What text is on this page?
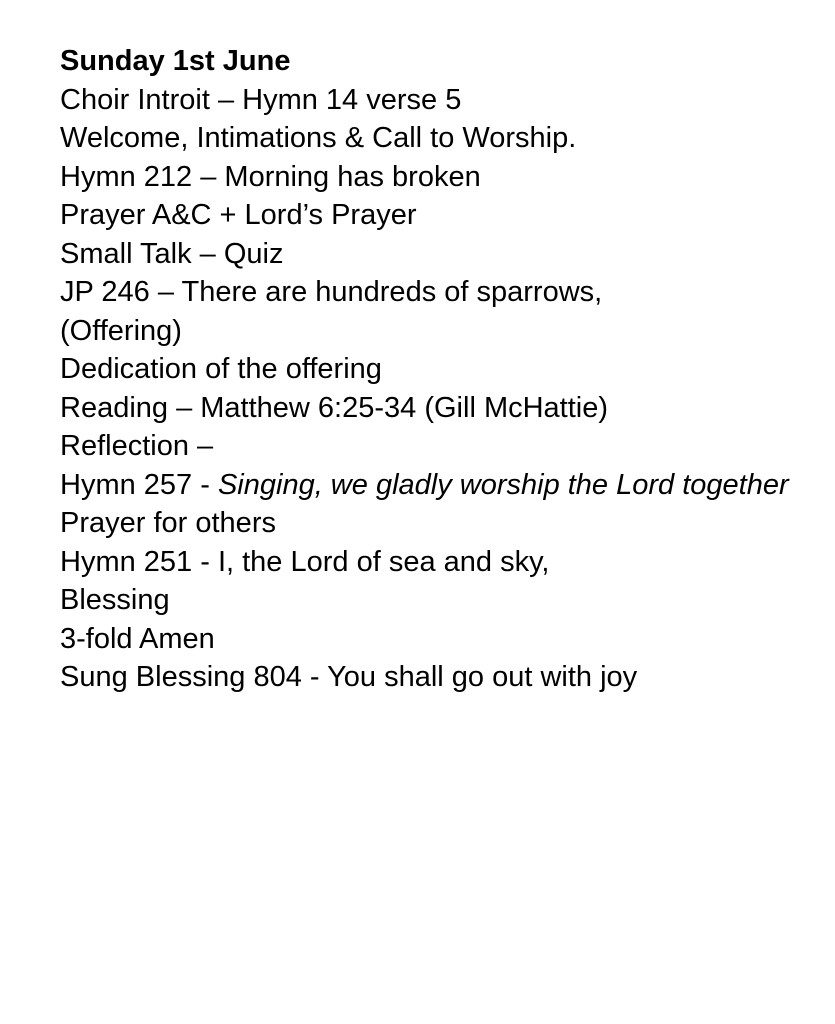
Sunday 1st June
Choir Introit – Hymn 14 verse 5
Welcome, Intimations & Call to Worship.
Hymn 212 – Morning has broken
Prayer A&C + Lord’s Prayer
Small Talk – Quiz
JP 246 – There are hundreds of sparrows,
(Offering)
Dedication of the offering
Reading – Matthew 6:25-34 (Gill McHattie)
Reflection –
Hymn 257 - Singing, we gladly worship the Lord together
Prayer for others
Hymn 251 - I, the Lord of sea and sky,
Blessing
3-fold Amen
Sung Blessing 804 - You shall go out with joy
